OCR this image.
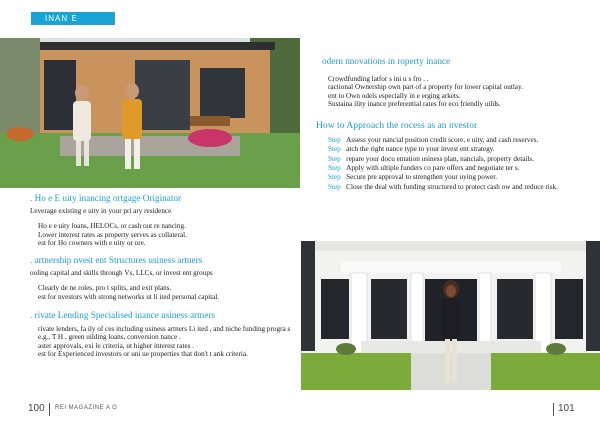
INAN E

. Ho e E uity inancing ortgage Originator

Leverage existing e uity in your pri ary residence

Ho e e uity loans, HELOCs, or cash out re nancing.

Lower interest rates as property serves as collateral.

est for Ho cowners with e uity or ore.

. artnership nvest ent Structures usiness artners

ooling capital and skills through Vs, LLCs, or invest ent groups

Clearly de ne roles, pro t splits, and exit plans.

est for nvestors with strong networks ut li ited personal capital.

. rivate Lending Specialised inance usiness artners

rivate lenders, fa ily of ces including usiness artners Li ited , and niche funding progra s e.g., T H , green uilding loans, conversion nance .

aster approvals, exi le criteria, ut higher interest rates .

est for Experienced investors or uni ue properties that don't t ank criteria.

odern nnovations in roperty inance

Crowdfunding latfor s ini u s fro . .

ractional Ownership own part of a property for lower capital outlay.

ent to Own odels especially in e erging arkets.

Sustaina ility inance preferential rates for eco friendly uilds.

How to Approach the rocess as an nvestor

Step Assess your nancial position credit score, e uity, and cash reserves.

Step atch the right nance type to your invest ent strategy.

Step repare your docu entation usiness plan, nancials, property details.

Step Apply with ultiple funders co pare offers and negotiate ter s.

Step Secure pre approval to strengthen your uying power.

Step Close the deal with funding structured to protect cash ow and reduce risk.

100 REI MAGAZINE A G	101
